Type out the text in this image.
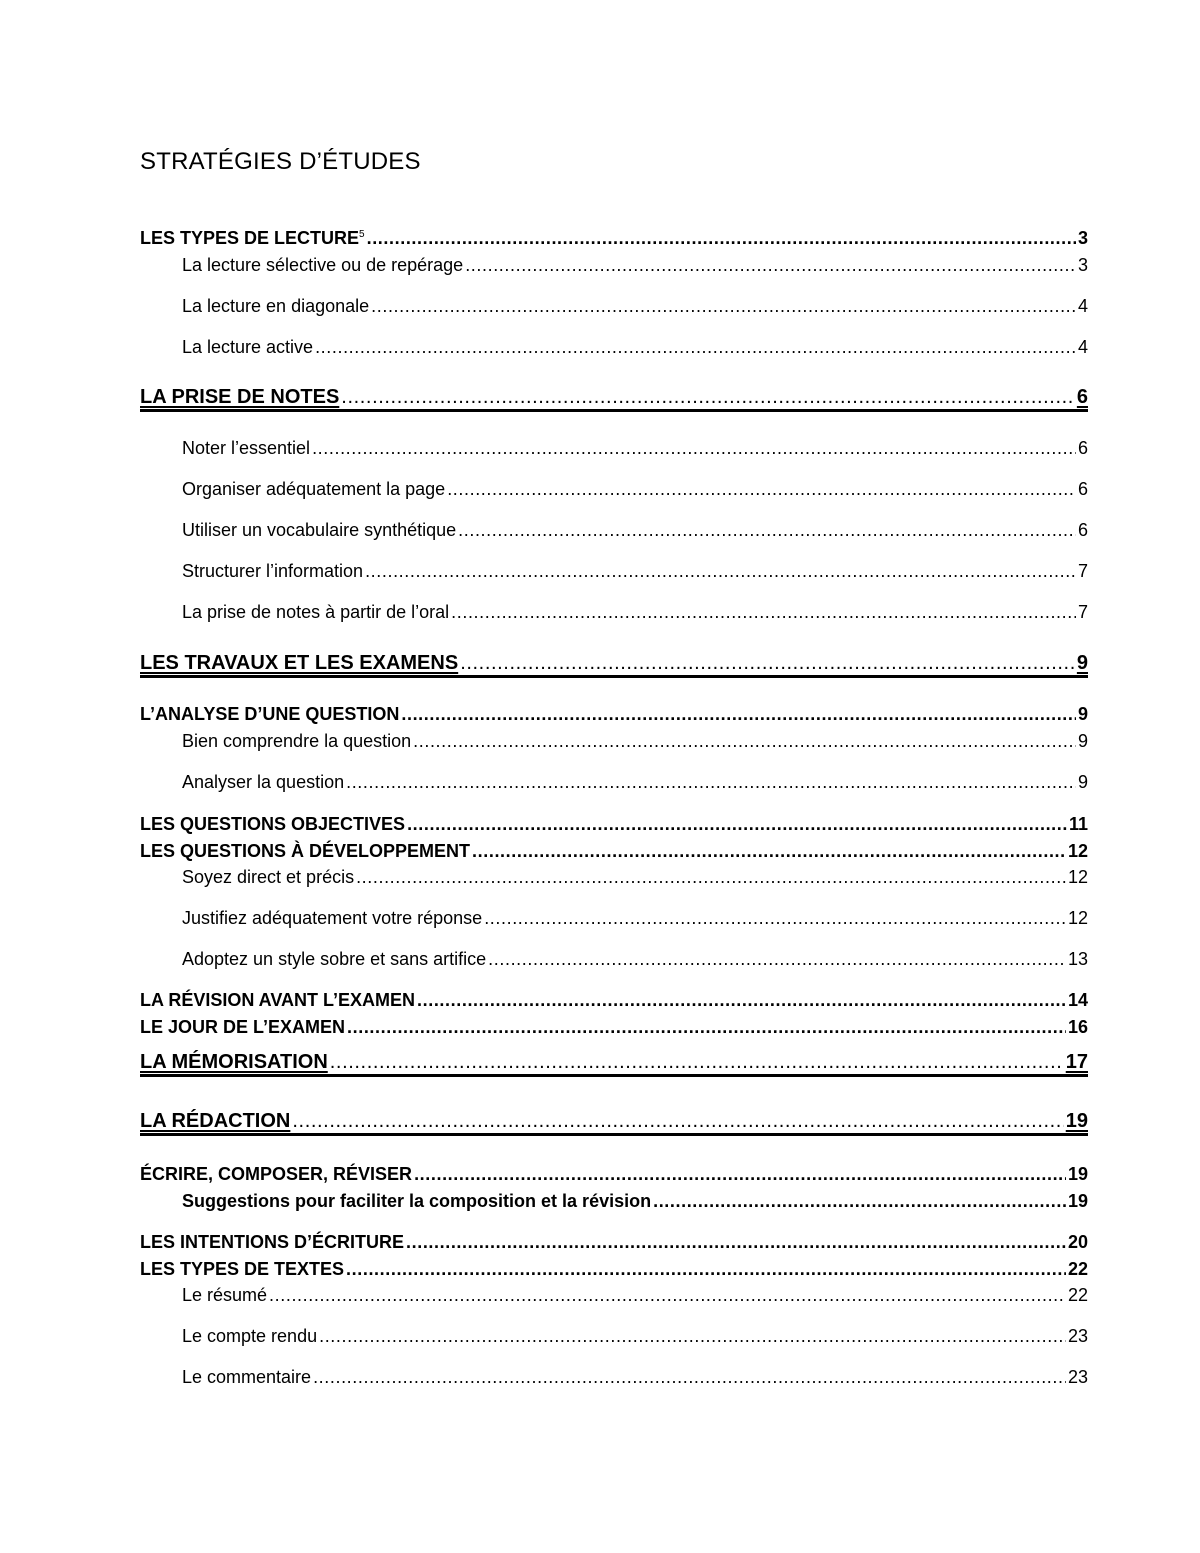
STRATÉGIES D’ÉTUDES
LES TYPES DE LECTURE$^5$ .....	3
La lecture sélective ou de repérage .....	3
La lecture en diagonale .....	4
La lecture active .....	4
LA PRISE DE NOTES .....	6
Noter l’essentiel .....	6
Organiser adéquatement la page .....	6
Utiliser un vocabulaire synthétique .....	6
Structurer l’information .....	7
La prise de notes à partir de l’oral .....	7
LES TRAVAUX ET LES EXAMENS .....	9
L’ANALYSE D’UNE QUESTION .....	9
Bien comprendre la question .....	9
Analyser la question .....	9
LES QUESTIONS OBJECTIVES .....	11
LES QUESTIONS À DÉVELOPPEMENT .....	12
Soyez direct et précis .....	12
Justifiez adéquatement votre réponse .....	12
Adoptez un style sobre et sans artifice .....	13
LA RÉVISION AVANT L’EXAMEN .....	14
LE JOUR DE L’EXAMEN .....	16
LA MÉMORISATION .....	17
LA RÉDACTION .....	19
ÉCRIRE, COMPOSER, RÉVISER .....	19
Suggestions pour faciliter la composition et la révision .....	19
LES INTENTIONS D’ÉCRITURE .....	20
LES TYPES DE TEXTES .....	22
Le résumé .....	22
Le compte rendu .....	23
Le commentaire .....	23
